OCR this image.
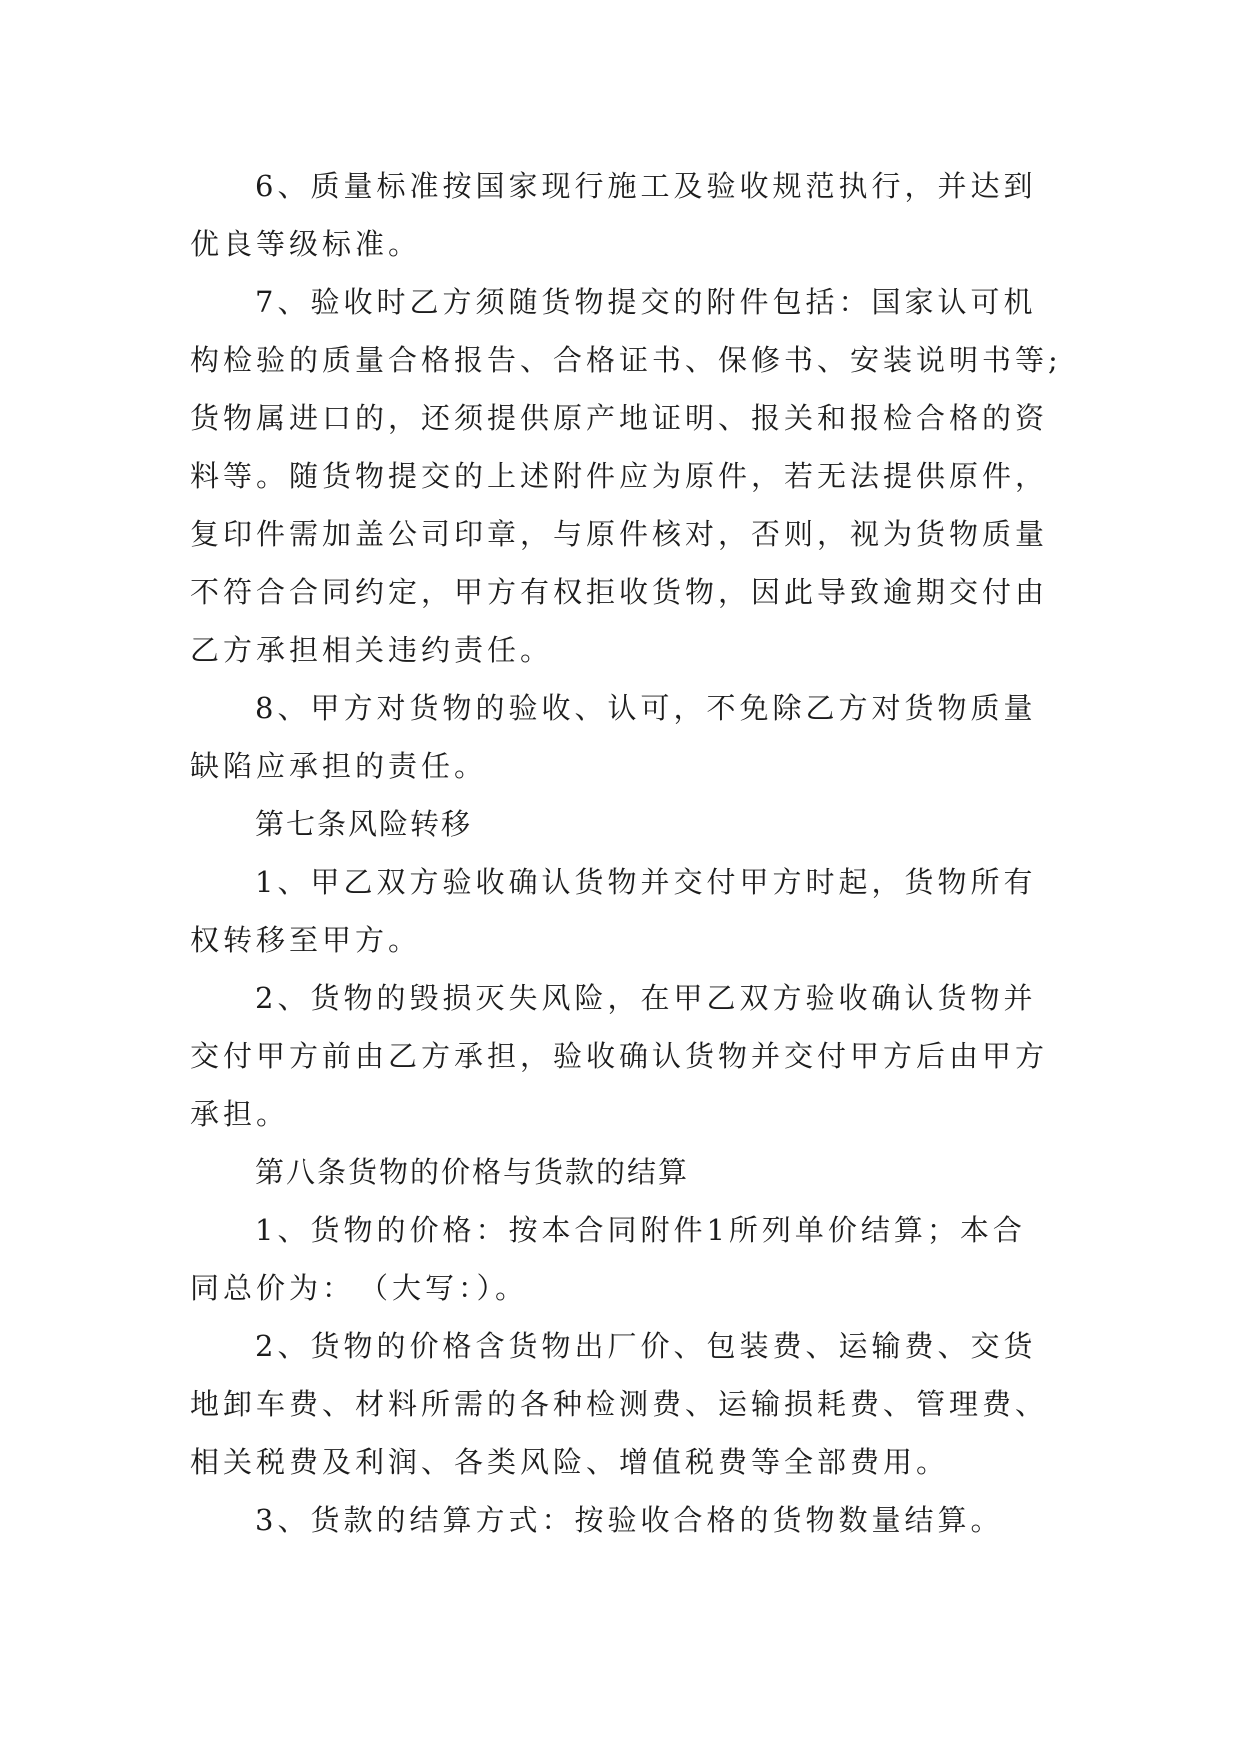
6、质量标准按国家现行施工及验收规范执行，并达到
优良等级标准。
7、验收时乙方须随货物提交的附件包括：国家认可机
构检验的质量合格报告、合格证书、保修书、安装说明书等;
货物属进口的，还须提供原产地证明、报关和报检合格的资
料等。随货物提交的上述附件应为原件，若无法提供原件，
复印件需加盖公司印章，与原件核对，否则，视为货物质量
不符合合同约定，甲方有权拒收货物，因此导致逾期交付由
乙方承担相关违约责任。
8、甲方对货物的验收、认可，不免除乙方对货物质量
缺陷应承担的责任。
第七条风险转移
1、甲乙双方验收确认货物并交付甲方时起，货物所有
权转移至甲方。
2、货物的毁损灭失风险，在甲乙双方验收确认货物并
交付甲方前由乙方承担，验收确认货物并交付甲方后由甲方
承担。
第八条货物的价格与货款的结算
1、货物的价格：按本合同附件1所列单价结算；本合
同总价为：　（大写：）。
2、货物的价格含货物出厂价、包装费、运输费、交货
地卸车费、材料所需的各种检测费、运输损耗费、管理费、
相关税费及利润、各类风险、增值税费等全部费用。
3、货款的结算方式：按验收合格的货物数量结算。
